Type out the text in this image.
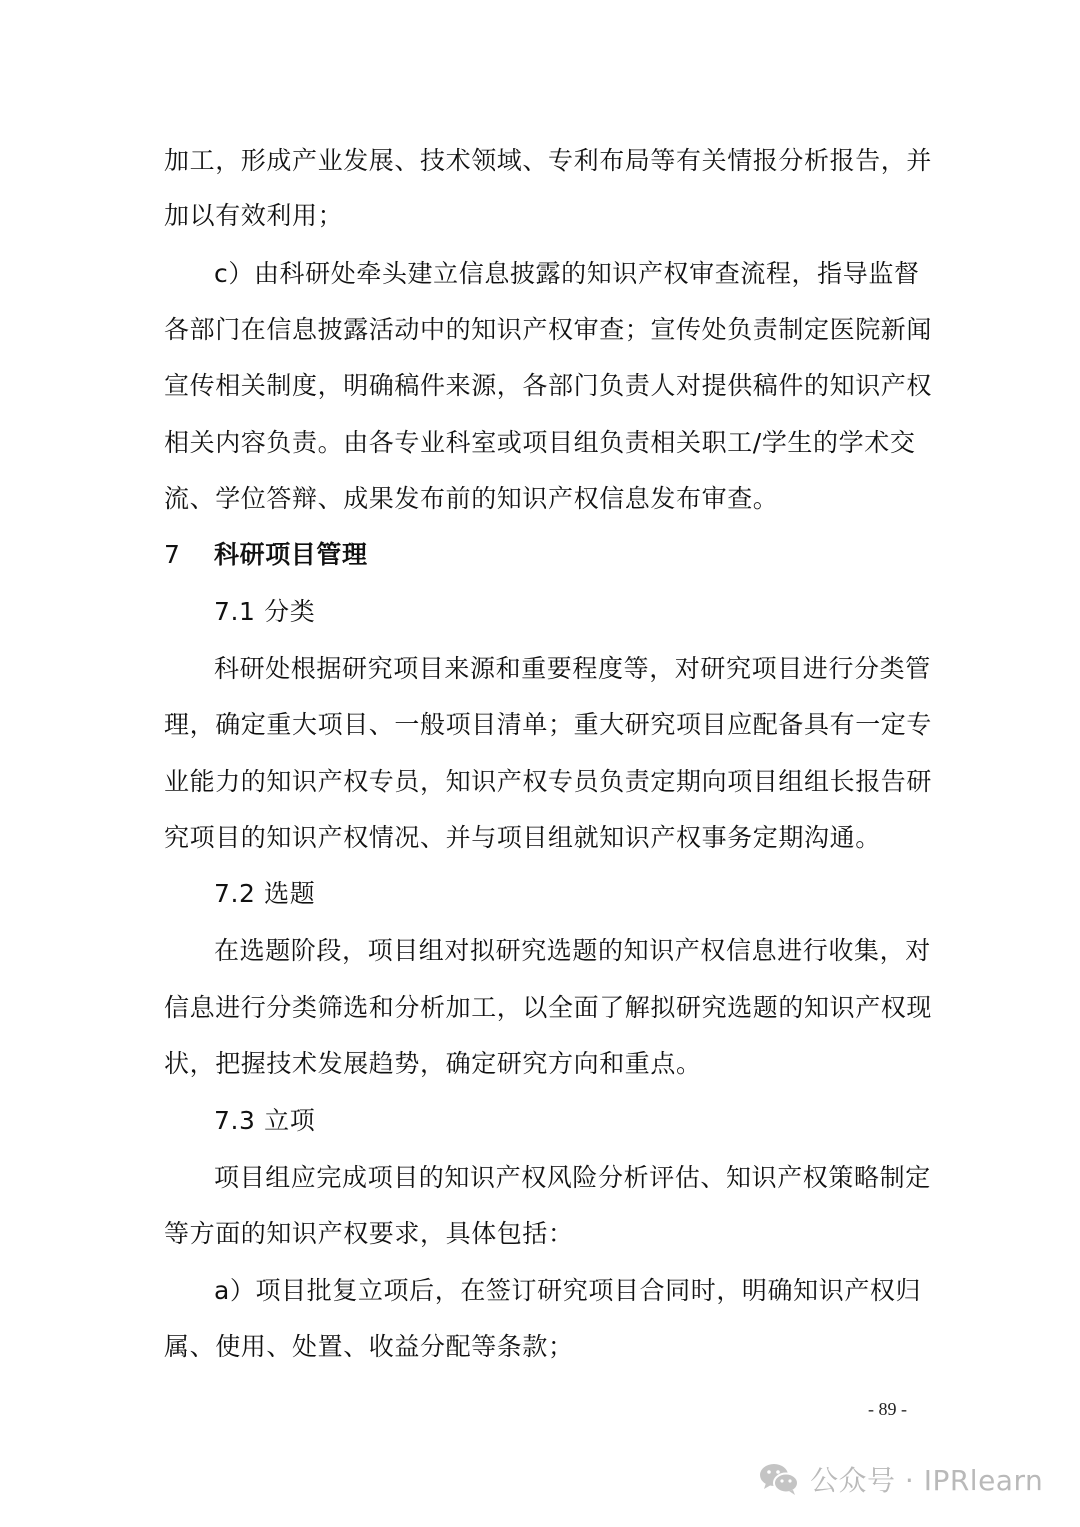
加工，形成产业发展、技术领域、专利布局等有关情报分析报告，并
加以有效利用；
c）由科研处牵头建立信息披露的知识产权审查流程，指导监督
各部门在信息披露活动中的知识产权审查；宣传处负责制定医院新闻
宣传相关制度，明确稿件来源，各部门负责人对提供稿件的知识产权
相关内容负责。由各专业科室或项目组负责相关职工/学生的学术交
流、学位答辩、成果发布前的知识产权信息发布审查。
7 科研项目管理
7.1 分类
科研处根据研究项目来源和重要程度等，对研究项目进行分类管
理，确定重大项目、一般项目清单；重大研究项目应配备具有一定专
业能力的知识产权专员，知识产权专员负责定期向项目组组长报告研
究项目的知识产权情况、并与项目组就知识产权事务定期沟通。
7.2 选题
在选题阶段，项目组对拟研究选题的知识产权信息进行收集，对
信息进行分类筛选和分析加工，以全面了解拟研究选题的知识产权现
状，把握技术发展趋势，确定研究方向和重点。
7.3 立项
项目组应完成项目的知识产权风险分析评估、知识产权策略制定
等方面的知识产权要求，具体包括：
a）项目批复立项后，在签订研究项目合同时，明确知识产权归
属、使用、处置、收益分配等条款；
- 89 -
公众号 · IPRlearn
